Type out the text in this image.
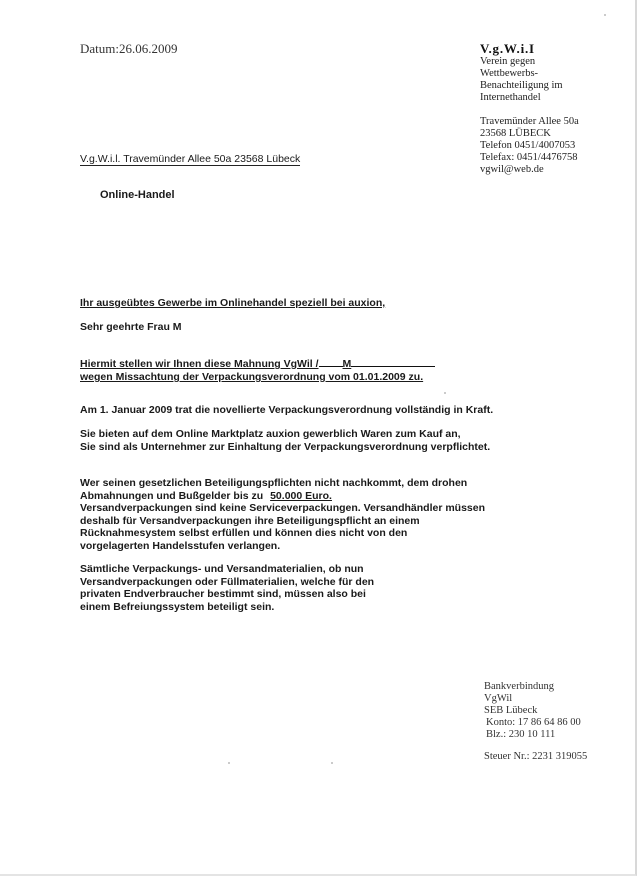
Datum:26.06.2009	V.g.W.i.I
Verein gegen
Wettbewerbs-
Benachteiligung im
Internethandel
Travemünder Allee 50a
23568 LÜBECK
Telefon 0451/4007053
Telefax: 0451/4476758
vgwil@web.de
V.g.W.i.l. Travemünder Allee 50a 23568 Lübeck
Online-Handel
Ihr ausgeübtes Gewerbe im Onlinehandel speziell bei auxion,
Sehr geehrte Frau M
Hiermit stellen wir Ihnen diese Mahnung VgWil / M
wegen Missachtung der Verpackungsverordnung vom 01.01.2009 zu.
Am 1. Januar 2009 trat die novellierte Verpackungsverordnung vollständig in Kraft.
Sie bieten auf dem Online Marktplatz auxion gewerblich Waren zum Kauf an,
Sie sind als Unternehmer zur Einhaltung der Verpackungsverordnung verpflichtet.
Wer seinen gesetzlichen Beteiligungspflichten nicht nachkommt, dem drohen
Abmahnungen und Bußgelder bis zu 50.000 Euro.
Versandverpackungen sind keine Serviceverpackungen. Versandhändler müssen
deshalb für Versandverpackungen ihre Beteiligungspflicht an einem
Rücknahmesystem selbst erfüllen und können dies nicht von den
vorgelagerten Handelsstufen verlangen.
Sämtliche Verpackungs- und Versandmaterialien, ob nun
Versandverpackungen oder Füllmaterialien, welche für den
privaten Endverbraucher bestimmt sind, müssen also bei
einem Befreiungssystem beteiligt sein.
Bankverbindung
VgWil
SEB Lübeck
Konto: 17 86 64 86 00
Blz.: 230 10 111
Steuer Nr.: 2231 319055
